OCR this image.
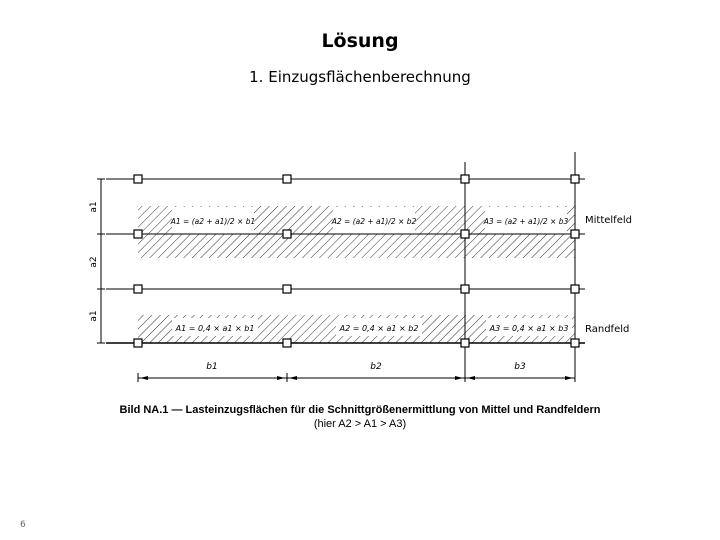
Lösung
1. Einzugsflächenberechnung
a1
a2
a1
b1	b2	b3
A1 = (a2 + a1)/2 × b1	A2 = (a2 + a1)/2 × b2	A3 = (a2 + a1)/2 × b3
A1 = 0,4 × a1 × b1	A2 = 0,4 × a1 × b2	A3 = 0,4 × a1 × b3
Mittelfeld
Randfeld
Bild NA.1 — Lasteinzugsflächen für die Schnittgrößenermittlung von Mittel und Randfeldern
(hier A2 > A1 > A3)
6
